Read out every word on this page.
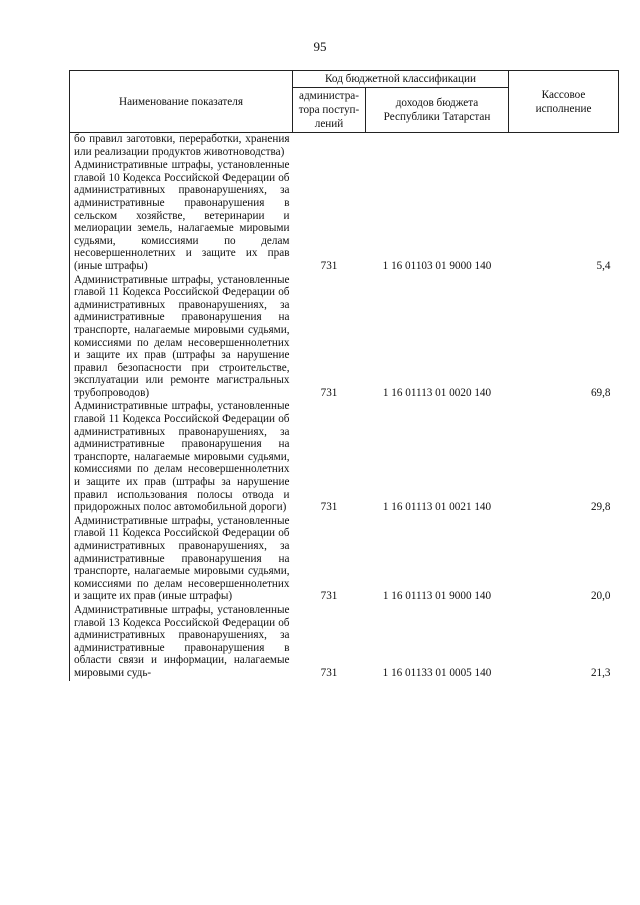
95
Наименование показателя	Код бюджетной классификации		Кассовое
исполнение
	администра-
тора поступ-
лений	доходов бюджета
Республики Татарстан	
бо правил заготовки, переработки, хранения или реализации продуктов животноводства)			
Административные штрафы, установленные главой 10 Кодекса Российской Федерации об административных правонарушениях, за административные правонарушения в сельском хозяйстве, ветеринарии и мелиорации земель, налагаемые мировыми судьями, комиссиями по делам несовершеннолетних и защите их прав (иные штрафы)	731	1 16 01103 01 9000 140	5,4
Административные штрафы, установленные главой 11 Кодекса Российской Федерации об административных правонарушениях, за административные правонарушения на транспорте, налагаемые мировыми судьями, комиссиями по делам несовершеннолетних и защите их прав (штрафы за нарушение правил безопасности при строительстве, эксплуатации или ремонте магистральных трубопроводов)	731	1 16 01113 01 0020 140	69,8
Административные штрафы, установленные главой 11 Кодекса Российской Федерации об административных правонарушениях, за административные правонарушения на транспорте, налагаемые мировыми судьями, комиссиями по делам несовершеннолетних и защите их прав (штрафы за нарушение правил использования полосы отвода и придорожных полос автомобильной дороги)	731	1 16 01113 01 0021 140	29,8
Административные штрафы, установленные главой 11 Кодекса Российской Федерации об административных правонарушениях, за административные правонарушения на транспорте, налагаемые мировыми судьями, комиссиями по делам несовершеннолетних и защите их прав (иные штрафы)	731	1 16 01113 01 9000 140	20,0
Административные штрафы, установленные главой 13 Кодекса Российской Федерации об административных правонарушениях, за административные правонарушения в области связи и информации, налагаемые мировыми судь-	731	1 16 01133 01 0005 140	21,3
